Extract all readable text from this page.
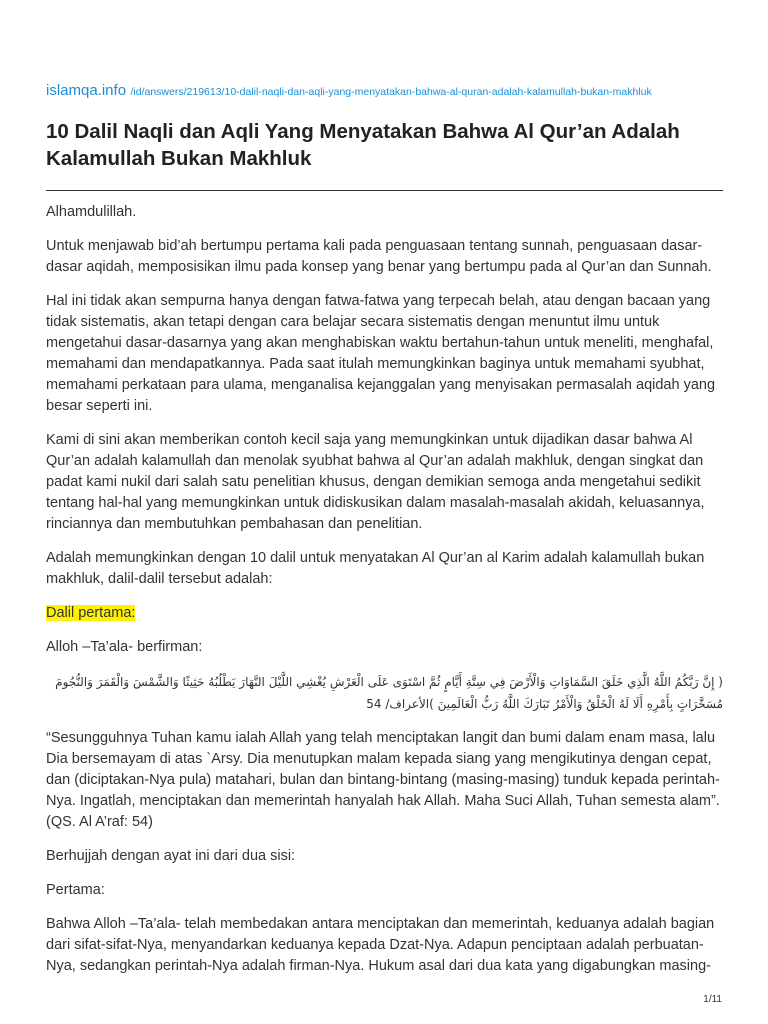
islamqa.info /id/answers/219613/10-dalil-naqli-dan-aqli-yang-menyatakan-bahwa-al-quran-adalah-kalamullah-bukan-makhluk
10 Dalil Naqli dan Aqli Yang Menyatakan Bahwa Al Qur’an Adalah Kalamullah Bukan Makhluk

Alhamdulillah.

Untuk menjawab bid’ah bertumpu pertama kali pada penguasaan tentang sunnah, penguasaan dasar-dasar aqidah, memposisikan ilmu pada konsep yang benar yang bertumpu pada al Qur’an dan Sunnah.

Hal ini tidak akan sempurna hanya dengan fatwa-fatwa yang terpecah belah, atau dengan bacaan yang tidak sistematis, akan tetapi dengan cara belajar secara sistematis dengan menuntut ilmu untuk mengetahui dasar-dasarnya yang akan menghabiskan waktu bertahun-tahun untuk meneliti, menghafal, memahami dan mendapatkannya. Pada saat itulah memungkinkan baginya untuk memahami syubhat, memahami perkataan para ulama, menganalisa kejanggalan yang menyisakan permasalah aqidah yang besar seperti ini.

Kami di sini akan memberikan contoh kecil saja yang memungkinkan untuk dijadikan dasar bahwa Al Qur’an adalah kalamullah dan menolak syubhat bahwa al Qur’an adalah makhluk, dengan singkat dan padat kami nukil dari salah satu penelitian khusus, dengan demikian semoga anda mengetahui sedikit tentang hal-hal yang memungkinkan untuk didiskusikan dalam masalah-masalah akidah, keluasannya, rinciannya dan membutuhkan pembahasan dan penelitian.

Adalah memungkinkan dengan 10 dalil untuk menyatakan Al Qur’an al Karim adalah kalamullah bukan makhluk, dalil-dalil tersebut adalah:

Dalil pertama:

Alloh –Ta’ala- berfirman:

( إِنَّ رَبَّكُمُ اللَّهُ الَّذِي خَلَقَ السَّمَاوَاتِ وَالْأَرْضَ فِي سِتَّةِ أَيَّامٍ ثُمَّ اسْتَوَى عَلَى الْعَرْشِ يُغْشِي اللَّيْلَ النَّهَارَ يَطْلُبُهُ حَثِيثًا وَالشَّمْسَ وَالْقَمَرَ وَالنُّجُومَ مُسَخَّرَاتٍ بِأَمْرِهِ أَلَا لَهُ الْخَلْقُ وَالْأَمْرُ تَبَارَكَ اللَّهُ رَبُّ الْعَالَمِينَ )الأعراف/ 54

“Sesungguhnya Tuhan kamu ialah Allah yang telah menciptakan langit dan bumi dalam enam masa, lalu Dia bersemayam di atas `Arsy. Dia menutupkan malam kepada siang yang mengikutinya dengan cepat, dan (diciptakan-Nya pula) matahari, bulan dan bintang-bintang (masing-masing) tunduk kepada perintah-Nya. Ingatlah, menciptakan dan memerintah hanyalah hak Allah. Maha Suci Allah, Tuhan semesta alam”. (QS. Al A’raf: 54)

Berhujjah dengan ayat ini dari dua sisi:

Pertama:

Bahwa Alloh –Ta’ala- telah membedakan antara menciptakan dan memerintah, keduanya adalah bagian dari sifat-sifat-Nya, menyandarkan keduanya kepada Dzat-Nya. Adapun penciptaan adalah perbuatan-Nya, sedangkan perintah-Nya adalah firman-Nya. Hukum asal dari dua kata yang digabungkan masing-

1/11
